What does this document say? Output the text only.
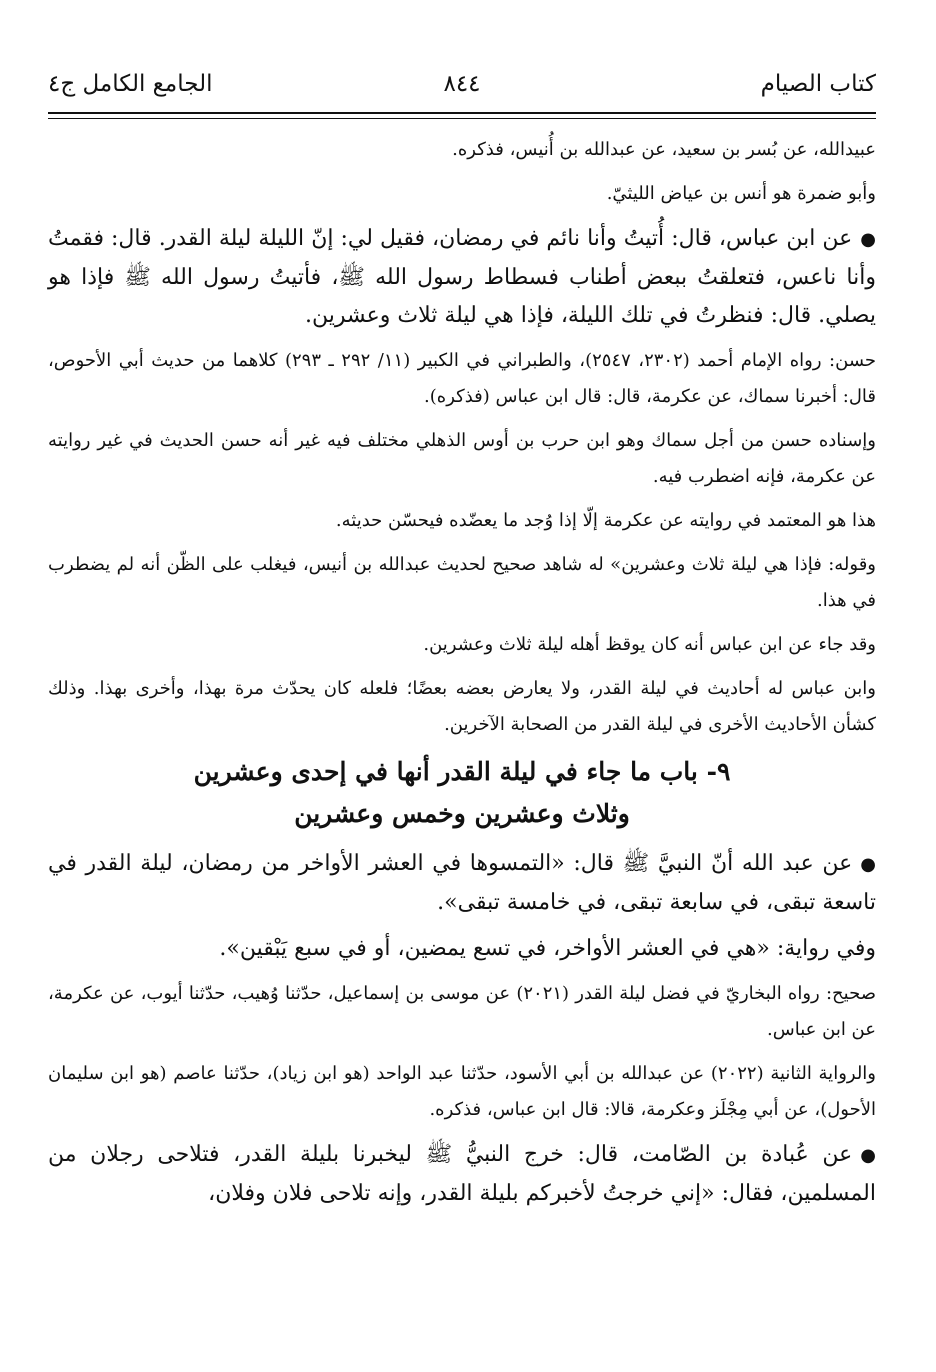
كتاب الصيام
٨٤٤
الجامع الكامل ج٤

عبيدالله، عن بُسر بن سعيد، عن عبدالله بن أُنيس، فذكره.

وأبو ضمرة هو أنس بن عياض الليثيّ.

●عن ابن عباس، قال: أُتيتُ وأنا نائم في رمضان، فقيل لي: إنّ الليلة ليلة القدر. قال: فقمتُ وأنا ناعس، فتعلقتُ ببعض أطناب فسطاط رسول الله ﷺ، فأتيتُ رسول الله ﷺ فإذا هو يصلي. قال: فنظرتُ في تلك الليلة، فإذا هي ليلة ثلاث وعشرين.

حسن: رواه الإمام أحمد (٢٣٠٢، ٢٥٤٧)، والطبراني في الكبير (١١/ ٢٩٢ ـ ٢٩٣) كلاهما من حديث أبي الأحوص، قال: أخبرنا سماك، عن عكرمة، قال: قال ابن عباس (فذكره).

وإسناده حسن من أجل سماك وهو ابن حرب بن أوس الذهلي مختلف فيه غير أنه حسن الحديث في غير روايته عن عكرمة، فإنه اضطرب فيه.

هذا هو المعتمد في روايته عن عكرمة إلّا إذا وُجد ما يعضّده فيحسّن حديثه.

وقوله: فإذا هي ليلة ثلاث وعشرين» له شاهد صحيح لحديث عبدالله بن أنيس، فيغلب على الظّن أنه لم يضطرب في هذا.

وقد جاء عن ابن عباس أنه كان يوقظ أهله ليلة ثلاث وعشرين.

وابن عباس له أحاديث في ليلة القدر، ولا يعارض بعضه بعضًا؛ فلعله كان يحدّث مرة بهذا، وأخرى بهذا. وذلك كشأن الأحاديث الأخرى في ليلة القدر من الصحابة الآخرين.

٩- باب ما جاء في ليلة القدر أنها في إحدى وعشرين
وثلاث وعشرين وخمس وعشرين

●عن عبد الله أنّ النبيَّ ﷺ قال: «التمسوها في العشر الأواخر من رمضان، ليلة القدر في تاسعة تبقى، في سابعة تبقى، في خامسة تبقى».

وفي رواية: «هي في العشر الأواخر، في تسع يمضين، أو في سبع يَبْقين».

صحيح: رواه البخاريّ في فضل ليلة القدر (٢٠٢١) عن موسى بن إسماعيل، حدّثنا وُهيب، حدّثنا أيوب، عن عكرمة، عن ابن عباس.

والرواية الثانية (٢٠٢٢) عن عبدالله بن أبي الأسود، حدّثنا عبد الواحد (هو ابن زياد)، حدّثنا عاصم (هو ابن سليمان الأحول)، عن أبي مِجْلَز وعكرمة، قالا: قال ابن عباس، فذكره.

●عن عُبادة بن الصّامت، قال: خرج النبيُّ ﷺ ليخبرنا بليلة القدر، فتلاحى رجلان من المسلمين، فقال: «إني خرجتُ لأخبركم بليلة القدر، وإنه تلاحى فلان وفلان،
